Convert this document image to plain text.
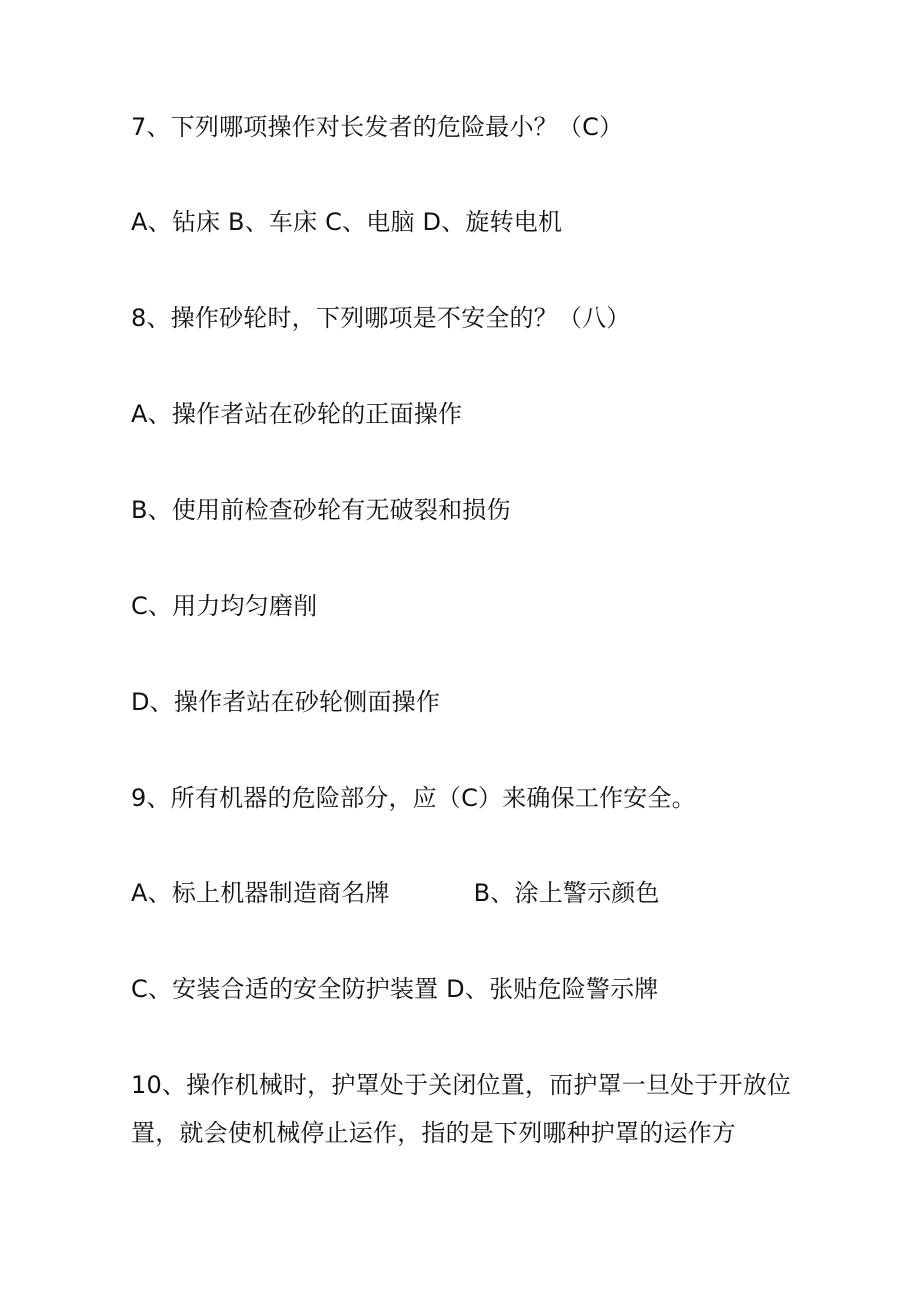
7、下列哪项操作对长发者的危险最小？（C）
A、钻床 B、车床 C、电脑 D、旋转电机
8、操作砂轮时，下列哪项是不安全的？（八）
A、操作者站在砂轮的正面操作
B、使用前检查砂轮有无破裂和损伤
C、用力均匀磨削
D、操作者站在砂轮侧面操作
9、所有机器的危险部分，应（C）来确保工作安全。
A、标上机器制造商名牌	B、涂上警示颜色
C、安装合适的安全防护装置 D、张贴危险警示牌
10、操作机械时，护罩处于关闭位置，而护罩一旦处于开放位
置，就会使机械停止运作，指的是下列哪种护罩的运作方
